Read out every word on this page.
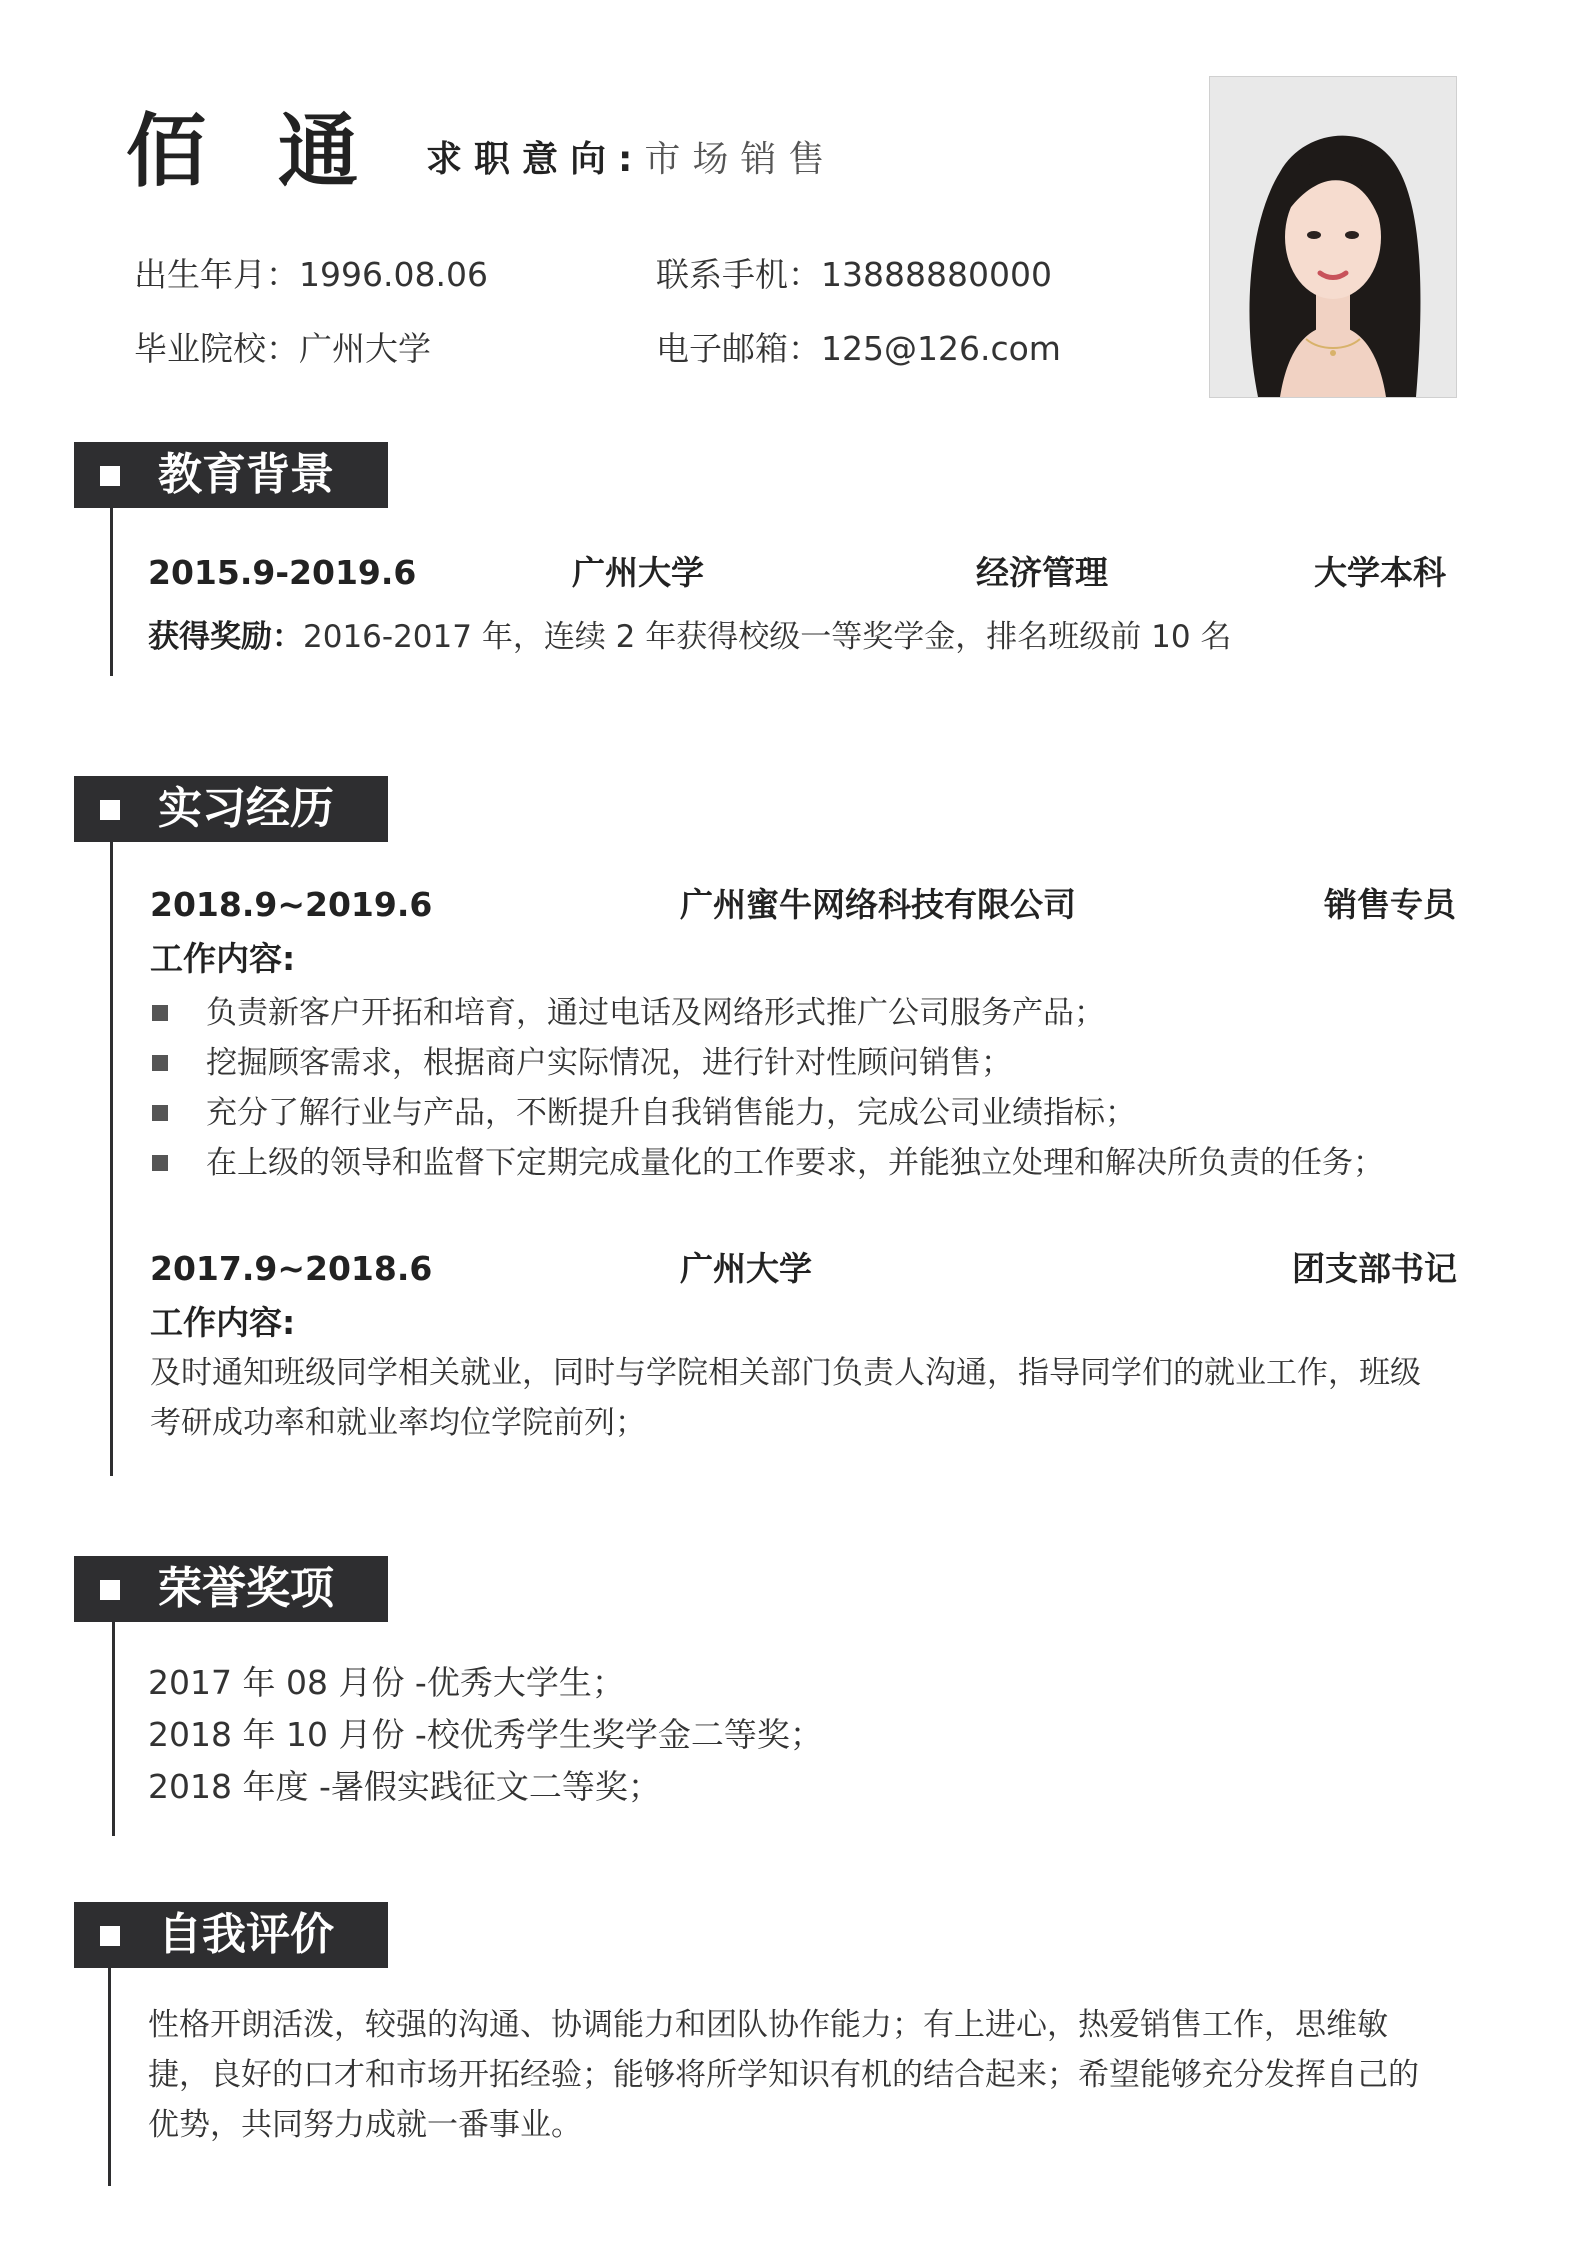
佰 通 求职意向:市场销售
出生年月：1996.08.06	联系手机：13888880000
毕业院校：广州大学	电子邮箱：125@126.com
教育背景
2015.9-2019.6	广州大学	经济管理	大学本科
获得奖励：2016-2017 年，连续 2 年获得校级一等奖学金，排名班级前 10 名
实习经历
2018.9~2019.6	广州蜜牛网络科技有限公司	销售专员
工作内容:
负责新客户开拓和培育，通过电话及网络形式推广公司服务产品；
挖掘顾客需求，根据商户实际情况，进行针对性顾问销售；
充分了解行业与产品，不断提升自我销售能力，完成公司业绩指标；
在上级的领导和监督下定期完成量化的工作要求，并能独立处理和解决所负责的任务；
2017.9~2018.6	广州大学	团支部书记
工作内容:
及时通知班级同学相关就业，同时与学院相关部门负责人沟通，指导同学们的就业工作，班级考研成功率和就业率均位学院前列；
荣誉奖项
2017 年 08 月份 -优秀大学生；
2018 年 10 月份 -校优秀学生奖学金二等奖；
2018 年度 -暑假实践征文二等奖；
自我评价
性格开朗活泼，较强的沟通、协调能力和团队协作能力；有上进心，热爱销售工作，思维敏捷，良好的口才和市场开拓经验；能够将所学知识有机的结合起来；希望能够充分发挥自己的优势，共同努力成就一番事业。
